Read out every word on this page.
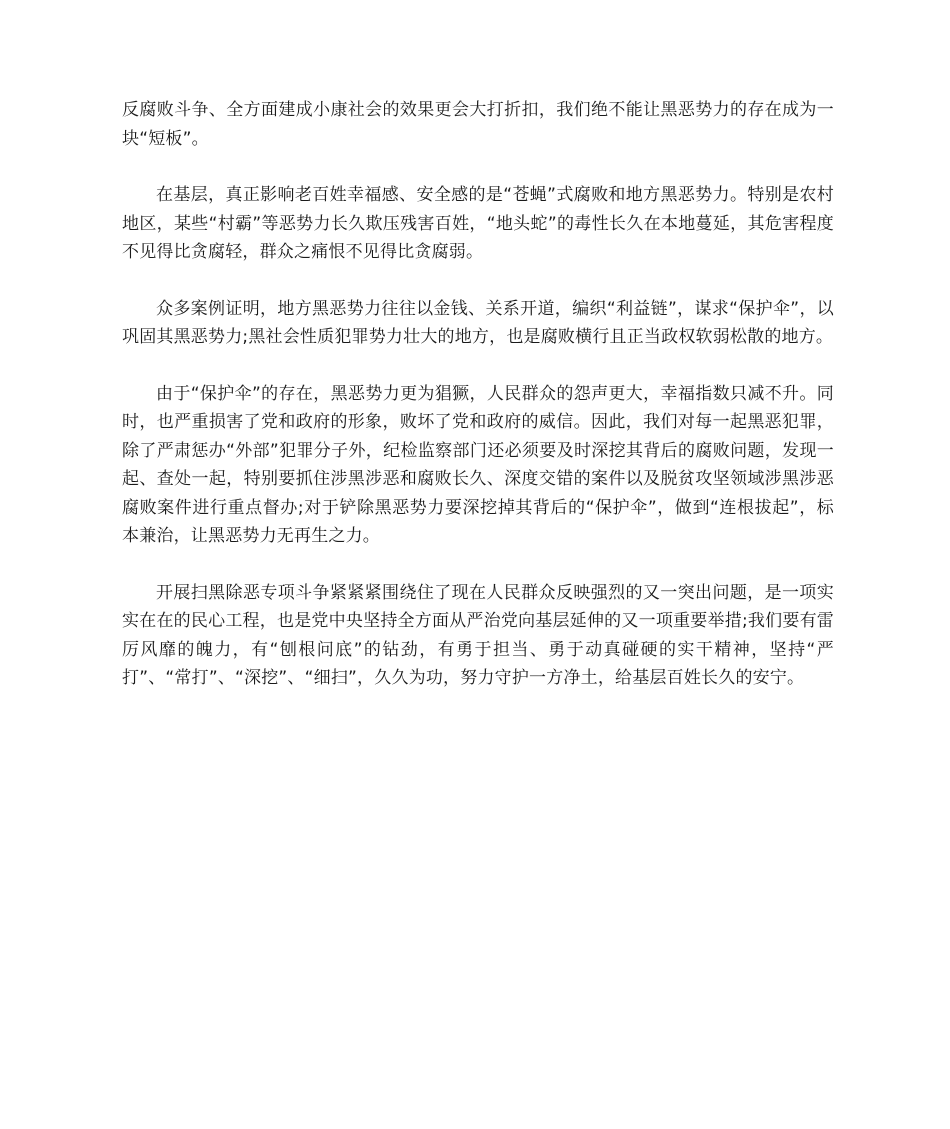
反腐败斗争、全方面建成小康社会的效果更会大打折扣，我们绝不能让黑恶势力的存在成为一块“短板”。

在基层，真正影响老百姓幸福感、安全感的是“苍蝇”式腐败和地方黑恶势力。特别是农村地区，某些“村霸”等恶势力长久欺压残害百姓，“地头蛇”的毒性长久在本地蔓延，其危害程度不见得比贪腐轻，群众之痛恨不见得比贪腐弱。

众多案例证明，地方黑恶势力往往以金钱、关系开道，编织“利益链”，谋求“保护伞”，以巩固其黑恶势力;黑社会性质犯罪势力壮大的地方，也是腐败横行且正当政权软弱松散的地方。

由于“保护伞”的存在，黑恶势力更为猖獗，人民群众的怨声更大，幸福指数只减不升。同时，也严重损害了党和政府的形象，败坏了党和政府的威信。因此，我们对每一起黑恶犯罪，除了严肃惩办“外部”犯罪分子外，纪检监察部门还必须要及时深挖其背后的腐败问题，发现一起、查处一起，特别要抓住涉黑涉恶和腐败长久、深度交错的案件以及脱贫攻坚领域涉黑涉恶腐败案件进行重点督办;对于铲除黑恶势力要深挖掉其背后的“保护伞”，做到“连根拔起”，标本兼治，让黑恶势力无再生之力。

开展扫黑除恶专项斗争紧紧紧围绕住了现在人民群众反映强烈的又一突出问题，是一项实实在在的民心工程，也是党中央坚持全方面从严治党向基层延伸的又一项重要举措;我们要有雷厉风靡的魄力，有“刨根问底”的钻劲，有勇于担当、勇于动真碰硬的实干精神，坚持“严打”、“常打”、“深挖”、“细扫”，久久为功，努力守护一方净土，给基层百姓长久的安宁。
